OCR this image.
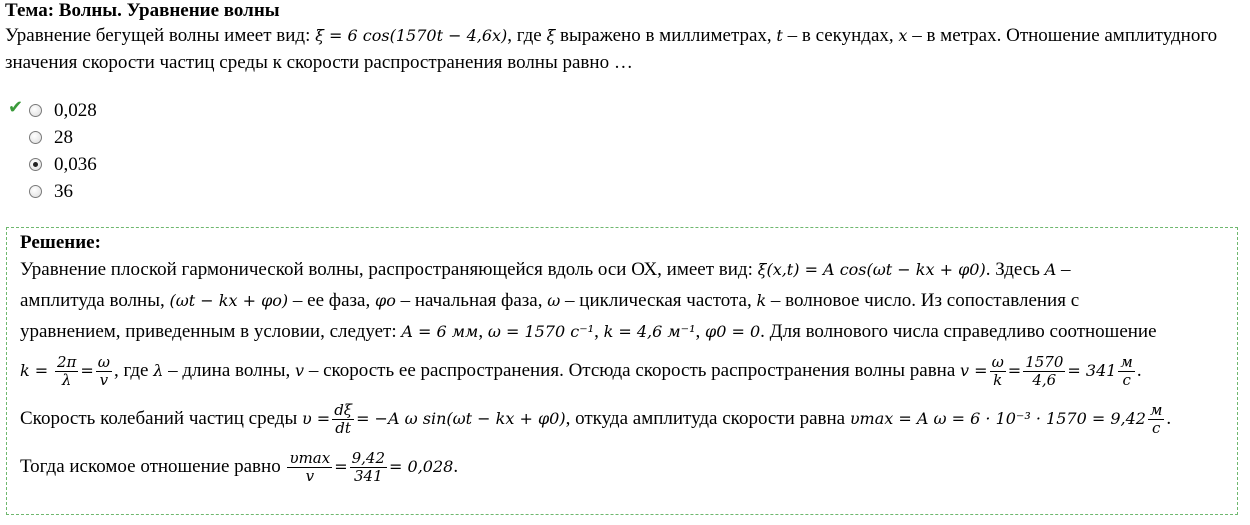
Тема: Волны. Уравнение волны
Уравнение бегущей волны имеет вид: ξ = 6 cos(1570t − 4,6x), где ξ выражено в миллиметрах, t – в секундах, x – в метрах. Отношение амплитудного значения скорости частиц среды к скорости распространения волны равно …
✔ 0,028
28
0,036
36
Решение:
Уравнение плоской гармонической волны, распространяющейся вдоль оси ОХ, имеет вид: ξ(x,t) = A cos(ωt − kx + φ0). Здесь A –
амплитуда волны, (ωt − kx + φo) – ее фаза, φo – начальная фаза, ω – циклическая частота, k – волновое число. Из сопоставления с
уравнением, приведенным в условии, следует: A = 6 мм, ω = 1570 с⁻¹, k = 4,6 м⁻¹, φ0 = 0. Для волнового числа справедливо соотношение
$k = \frac{2\pi}{\lambda} = \frac{\omega}{v}$ , где λ – длина волны, v – скорость ее распространения. Отсюда скорость распространения волны равна $v = \frac{\omega}{k} = \frac{1570}{4,6} = 341 \frac{м}{с}$ .
Скорость колебаний частиц среды $\upsilon = \frac{d\xi}{dt} = -A$ ω sin(ωt − kx + φ0), откуда амплитуда скорости равна υmax = A $\omega = 6 \cdot 10^{-3} \cdot 1570 = 9,42 \frac{м}{с}$ .
Тогда искомое отношение равно $\frac{\upsilon\max}{v} = \frac{9,42}{341} = 0,028$.
